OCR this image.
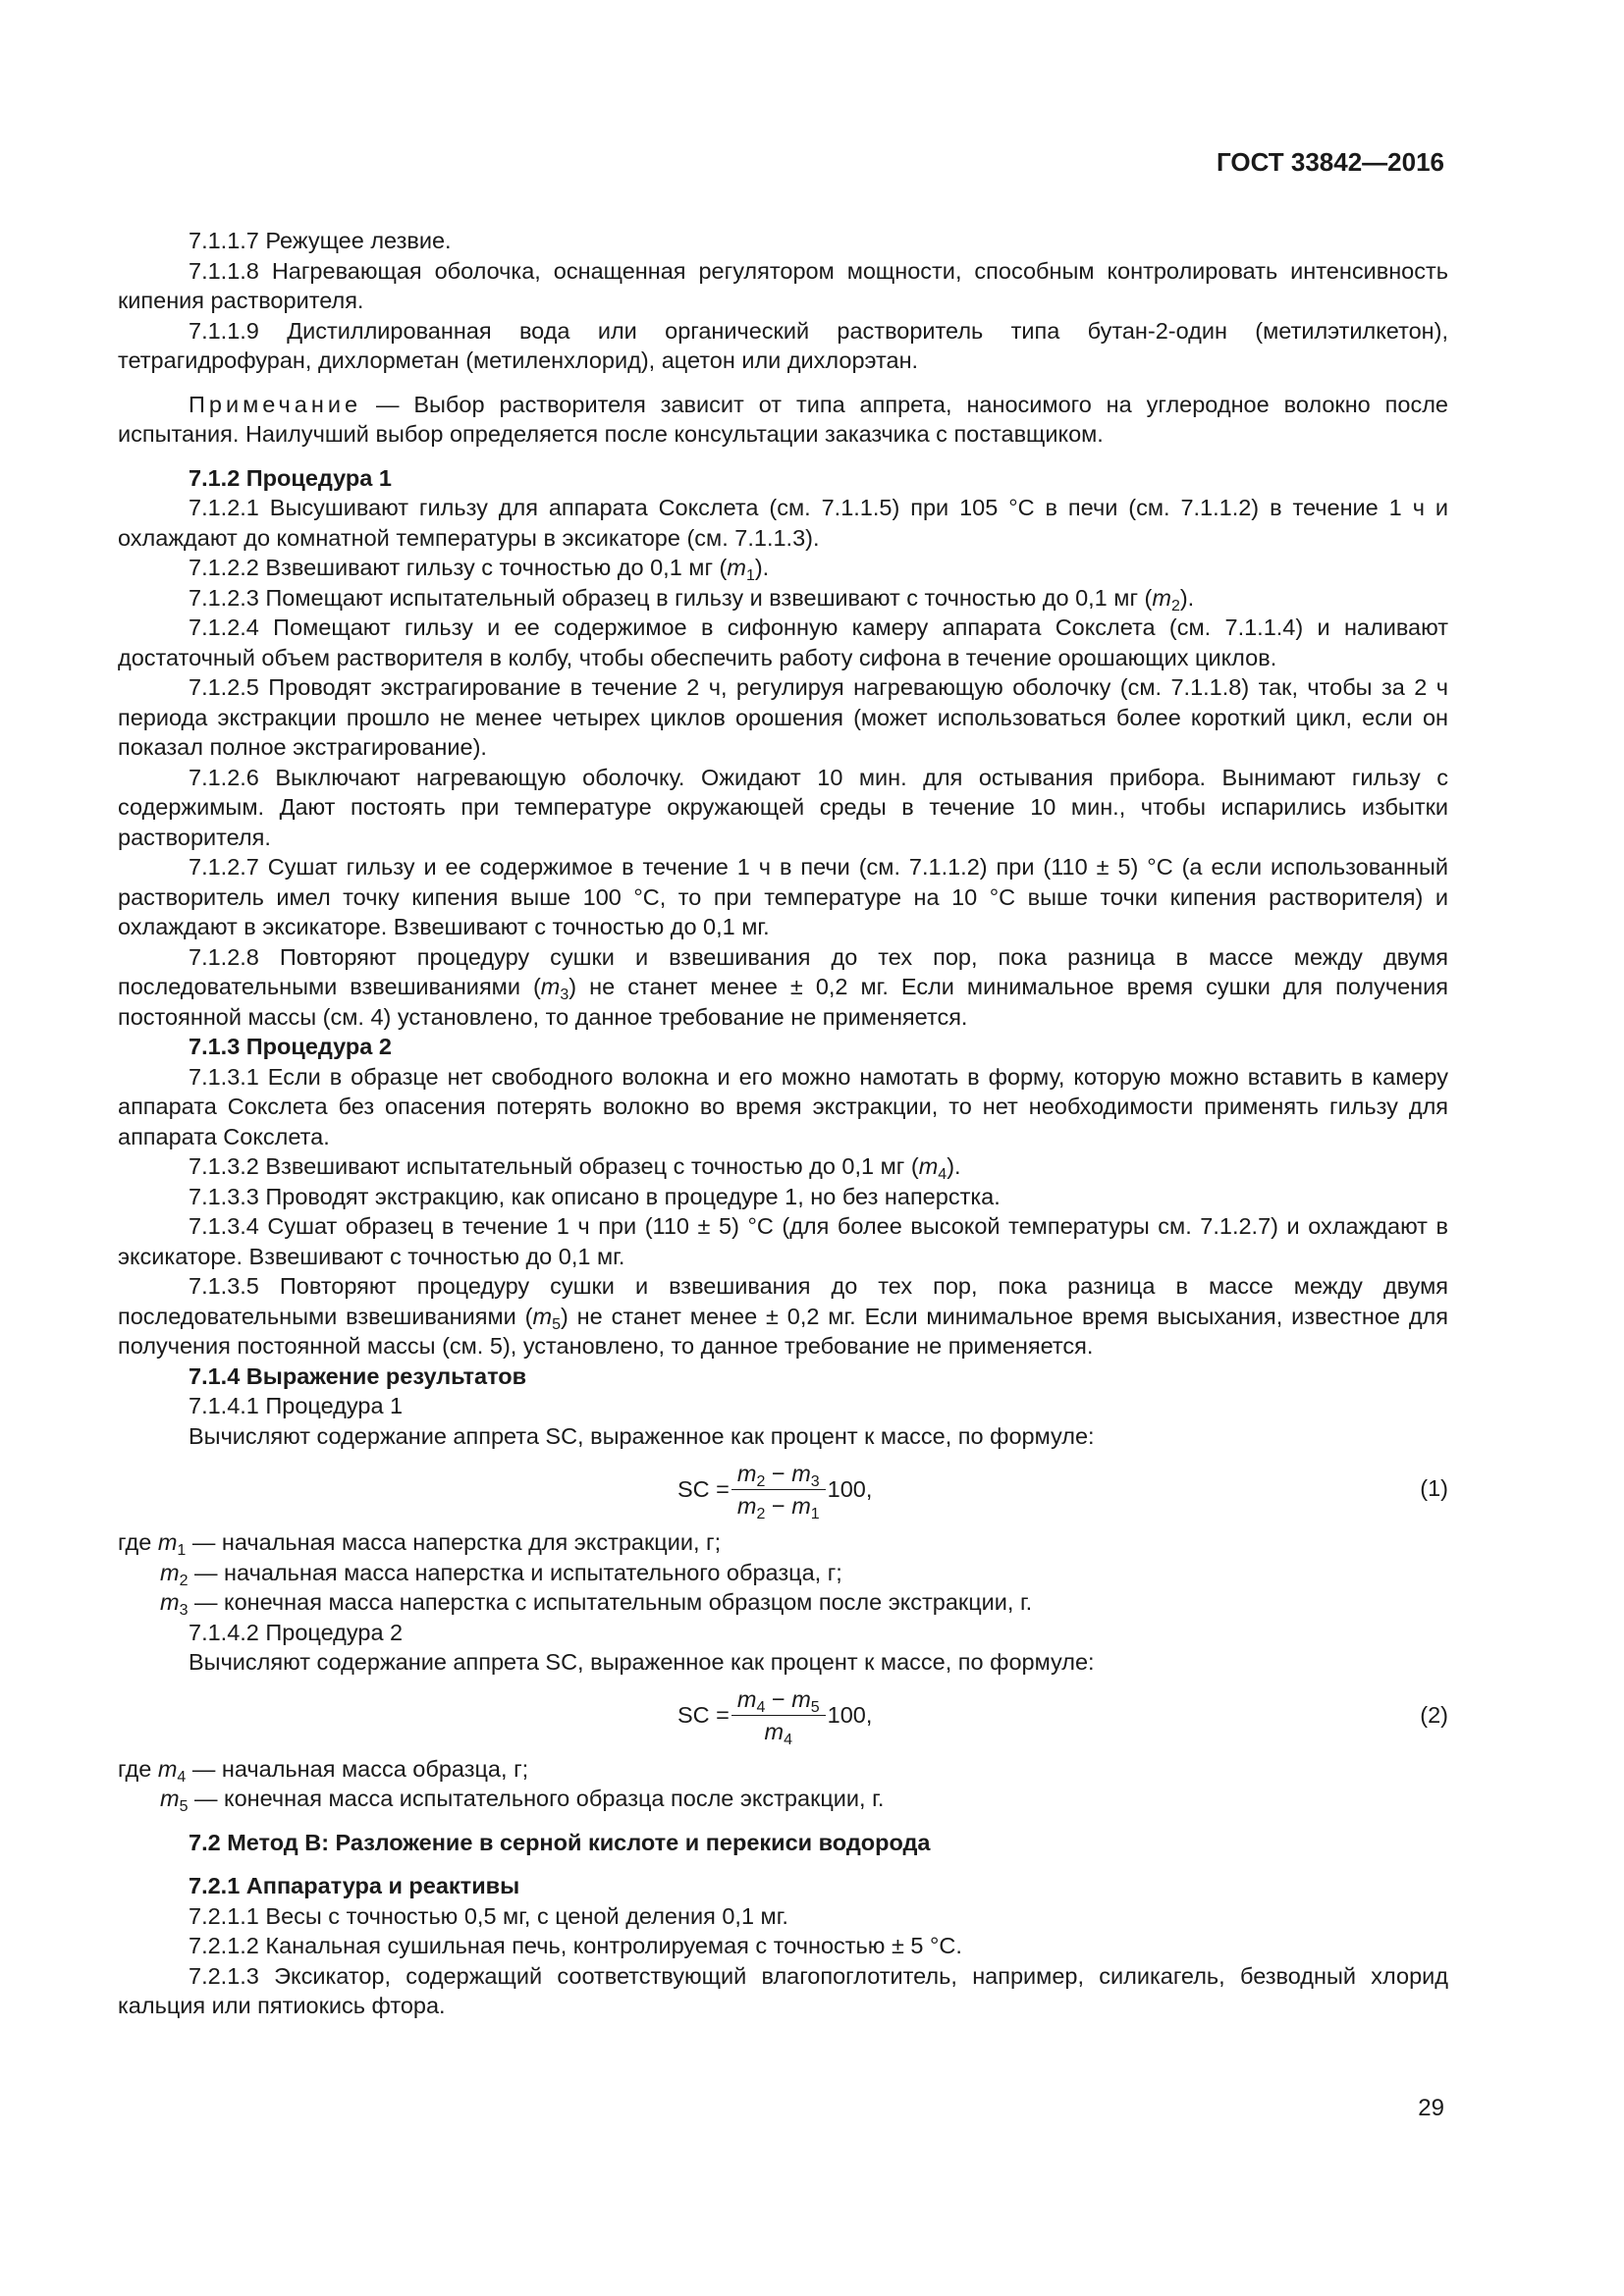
ГОСТ 33842—2016

7.1.1.7 Режущее лезвие.

7.1.1.8 Нагревающая оболочка, оснащенная регулятором мощности, способным контролировать интенсивность кипения растворителя.

7.1.1.9 Дистиллированная вода или органический растворитель типа бутан-2-один (метилэтилкетон), тетрагидрофуран, дихлорметан (метиленхлорид), ацетон или дихлорэтан.

Примечание — Выбор растворителя зависит от типа аппрета, наносимого на углеродное волокно после испытания. Наилучший выбор определяется после консультации заказчика с поставщиком.

7.1.2 Процедура 1

7.1.2.1 Высушивают гильзу для аппарата Сокслета (см. 7.1.1.5) при 105 °С в печи (см. 7.1.1.2) в течение 1 ч и охлаждают до комнатной температуры в эксикаторе (см. 7.1.1.3).

7.1.2.2 Взвешивают гильзу с точностью до 0,1 мг $(m_1)$.

7.1.2.3 Помещают испытательный образец в гильзу и взвешивают с точностью до 0,1 мг $(m_2)$.

7.1.2.4 Помещают гильзу и ее содержимое в сифонную камеру аппарата Сокслета (см. 7.1.1.4) и наливают достаточный объем растворителя в колбу, чтобы обеспечить работу сифона в течение орошающих циклов.

7.1.2.5 Проводят экстрагирование в течение 2 ч, регулируя нагревающую оболочку (см. 7.1.1.8) так, чтобы за 2 ч периода экстракции прошло не менее четырех циклов орошения (может использоваться более короткий цикл, если он показал полное экстрагирование).

7.1.2.6 Выключают нагревающую оболочку. Ожидают 10 мин. для остывания прибора. Вынимают гильзу с содержимым. Дают постоять при температуре окружающей среды в течение 10 мин., чтобы испарились избытки растворителя.

7.1.2.7 Сушат гильзу и ее содержимое в течение 1 ч в печи (см. 7.1.1.2) при (110 ± 5) °С (а если использованный растворитель имел точку кипения выше 100 °С, то при температуре на 10 °С выше точки кипения растворителя) и охлаждают в эксикаторе. Взвешивают с точностью до 0,1 мг.

7.1.2.8 Повторяют процедуру сушки и взвешивания до тех пор, пока разница в массе между двумя последовательными взвешиваниями $(m_3)$ не станет менее ± 0,2 мг. Если минимальное время сушки для получения постоянной массы (см. 4) установлено, то данное требование не применяется.

7.1.3 Процедура 2

7.1.3.1 Если в образце нет свободного волокна и его можно намотать в форму, которую можно вставить в камеру аппарата Сокслета без опасения потерять волокно во время экстракции, то нет необходимости применять гильзу для аппарата Сокслета.

7.1.3.2 Взвешивают испытательный образец с точностью до 0,1 мг $(m_4)$.

7.1.3.3 Проводят экстракцию, как описано в процедуре 1, но без наперстка.

7.1.3.4 Сушат образец в течение 1 ч при (110 ± 5) °С (для более высокой температуры см. 7.1.2.7) и охлаждают в эксикаторе. Взвешивают с точностью до 0,1 мг.

7.1.3.5 Повторяют процедуру сушки и взвешивания до тех пор, пока разница в массе между двумя последовательными взвешиваниями $(m_5)$ не станет менее ± 0,2 мг. Если минимальное время высыхания, известное для получения постоянной массы (см. 5), установлено, то данное требование не применяется.

7.1.4 Выражение результатов

7.1.4.1 Процедура 1

Вычисляют содержание аппрета SC, выраженное как процент к массе, по формуле:

SC = $\frac{m_2 - m_3}{m_2 - m_1} 100$,	(1)

где $m_1$ — начальная масса наперстка для экстракции, г;

$m_2$ — начальная масса наперстка и испытательного образца, г;

$m_3$ — конечная масса наперстка с испытательным образцом после экстракции, г.

7.1.4.2 Процедура 2

Вычисляют содержание аппрета SC, выраженное как процент к массе, по формуле:

SC = $\frac{m_4 - m_5}{m_4} 100$,	(2)

где $m_4$ — начальная масса образца, г;

$m_5$ — конечная масса испытательного образца после экстракции, г.

7.2 Метод В: Разложение в серной кислоте и перекиси водорода

7.2.1 Аппаратура и реактивы

7.2.1.1 Весы с точностью 0,5 мг, с ценой деления 0,1 мг.

7.2.1.2 Канальная сушильная печь, контролируемая с точностью ± 5 °С.

7.2.1.3 Эксикатор, содержащий соответствующий влагопоглотитель, например, силикагель, безводный хлорид кальция или пятиокись фтора.

29
